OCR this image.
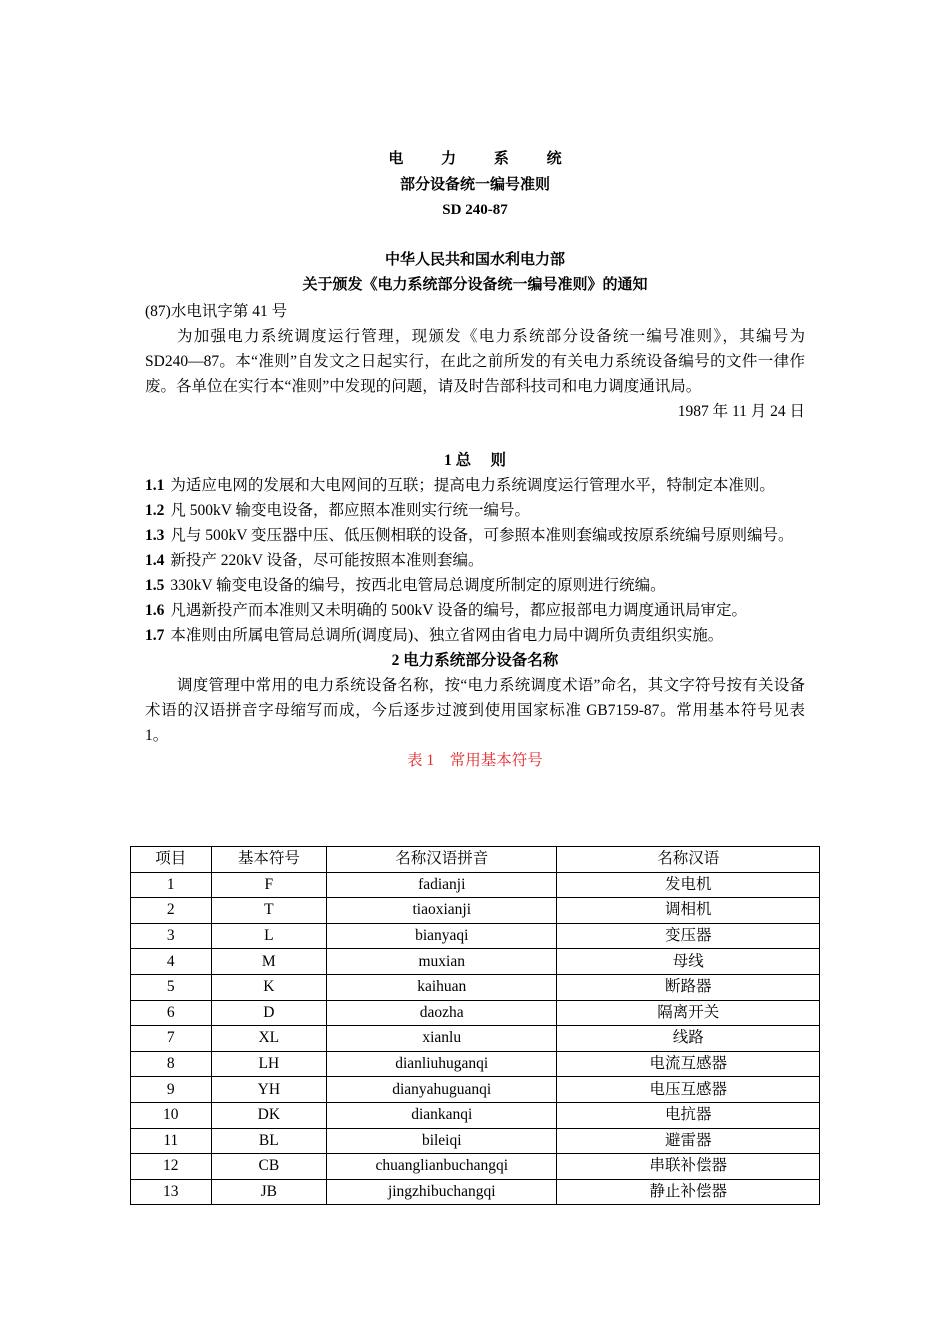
电 力 系 统
部分设备统一编号准则
SD 240-87
中华人民共和国水利电力部
关于颁发《电力系统部分设备统一编号准则》的通知
(87)水电讯字第 41 号
为加强电力系统调度运行管理，现颁发《电力系统部分设备统一编号准则》，其编号为 SD240—87。本“准则”自发文之日起实行，在此之前所发的有关电力系统设备编号的文件一律作废。各单位在实行本“准则”中发现的问题，请及时告部科技司和电力调度通讯局。
1987 年 11 月 24 日
1 总     则
1.1 为适应电网的发展和大电网间的互联；提高电力系统调度运行管理水平，特制定本准则。
1.2 凡 500kV 输变电设备，都应照本准则实行统一编号。
1.3 凡与 500kV 变压器中压、低压侧相联的设备，可参照本准则套编或按原系统编号原则编号。
1.4 新投产 220kV 设备，尽可能按照本准则套编。
1.5 330kV 输变电设备的编号，按西北电管局总调度所制定的原则进行统编。
1.6 凡遇新投产而本准则又未明确的 500kV 设备的编号，都应报部电力调度通讯局审定。
1.7 本准则由所属电管局总调所(调度局)、独立省网由省电力局中调所负责组织实施。
2 电力系统部分设备名称
调度管理中常用的电力系统设备名称，按“电力系统调度术语”命名，其文字符号按有关设备术语的汉语拼音字母缩写而成，今后逐步过渡到使用国家标准 GB7159-87。常用基本符号见表 1。
表 1    常用基本符号
项目	基本符号	名称汉语拼音	名称汉语
1	F	fadianji	发电机
2	T	tiaoxianji	调相机
3	L	bianyaqi	变压器
4	M	muxian	母线
5	K	kaihuan	断路器
6	D	daozha	隔离开关
7	XL	xianlu	线路
8	LH	dianliuhuganqi	电流互感器
9	YH	dianyahuguanqi	电压互感器
10	DK	diankanqi	电抗器
11	BL	bileiqi	避雷器
12	CB	chuanglianbuchangqi	串联补偿器
13	JB	jingzhibuchangqi	静止补偿器
